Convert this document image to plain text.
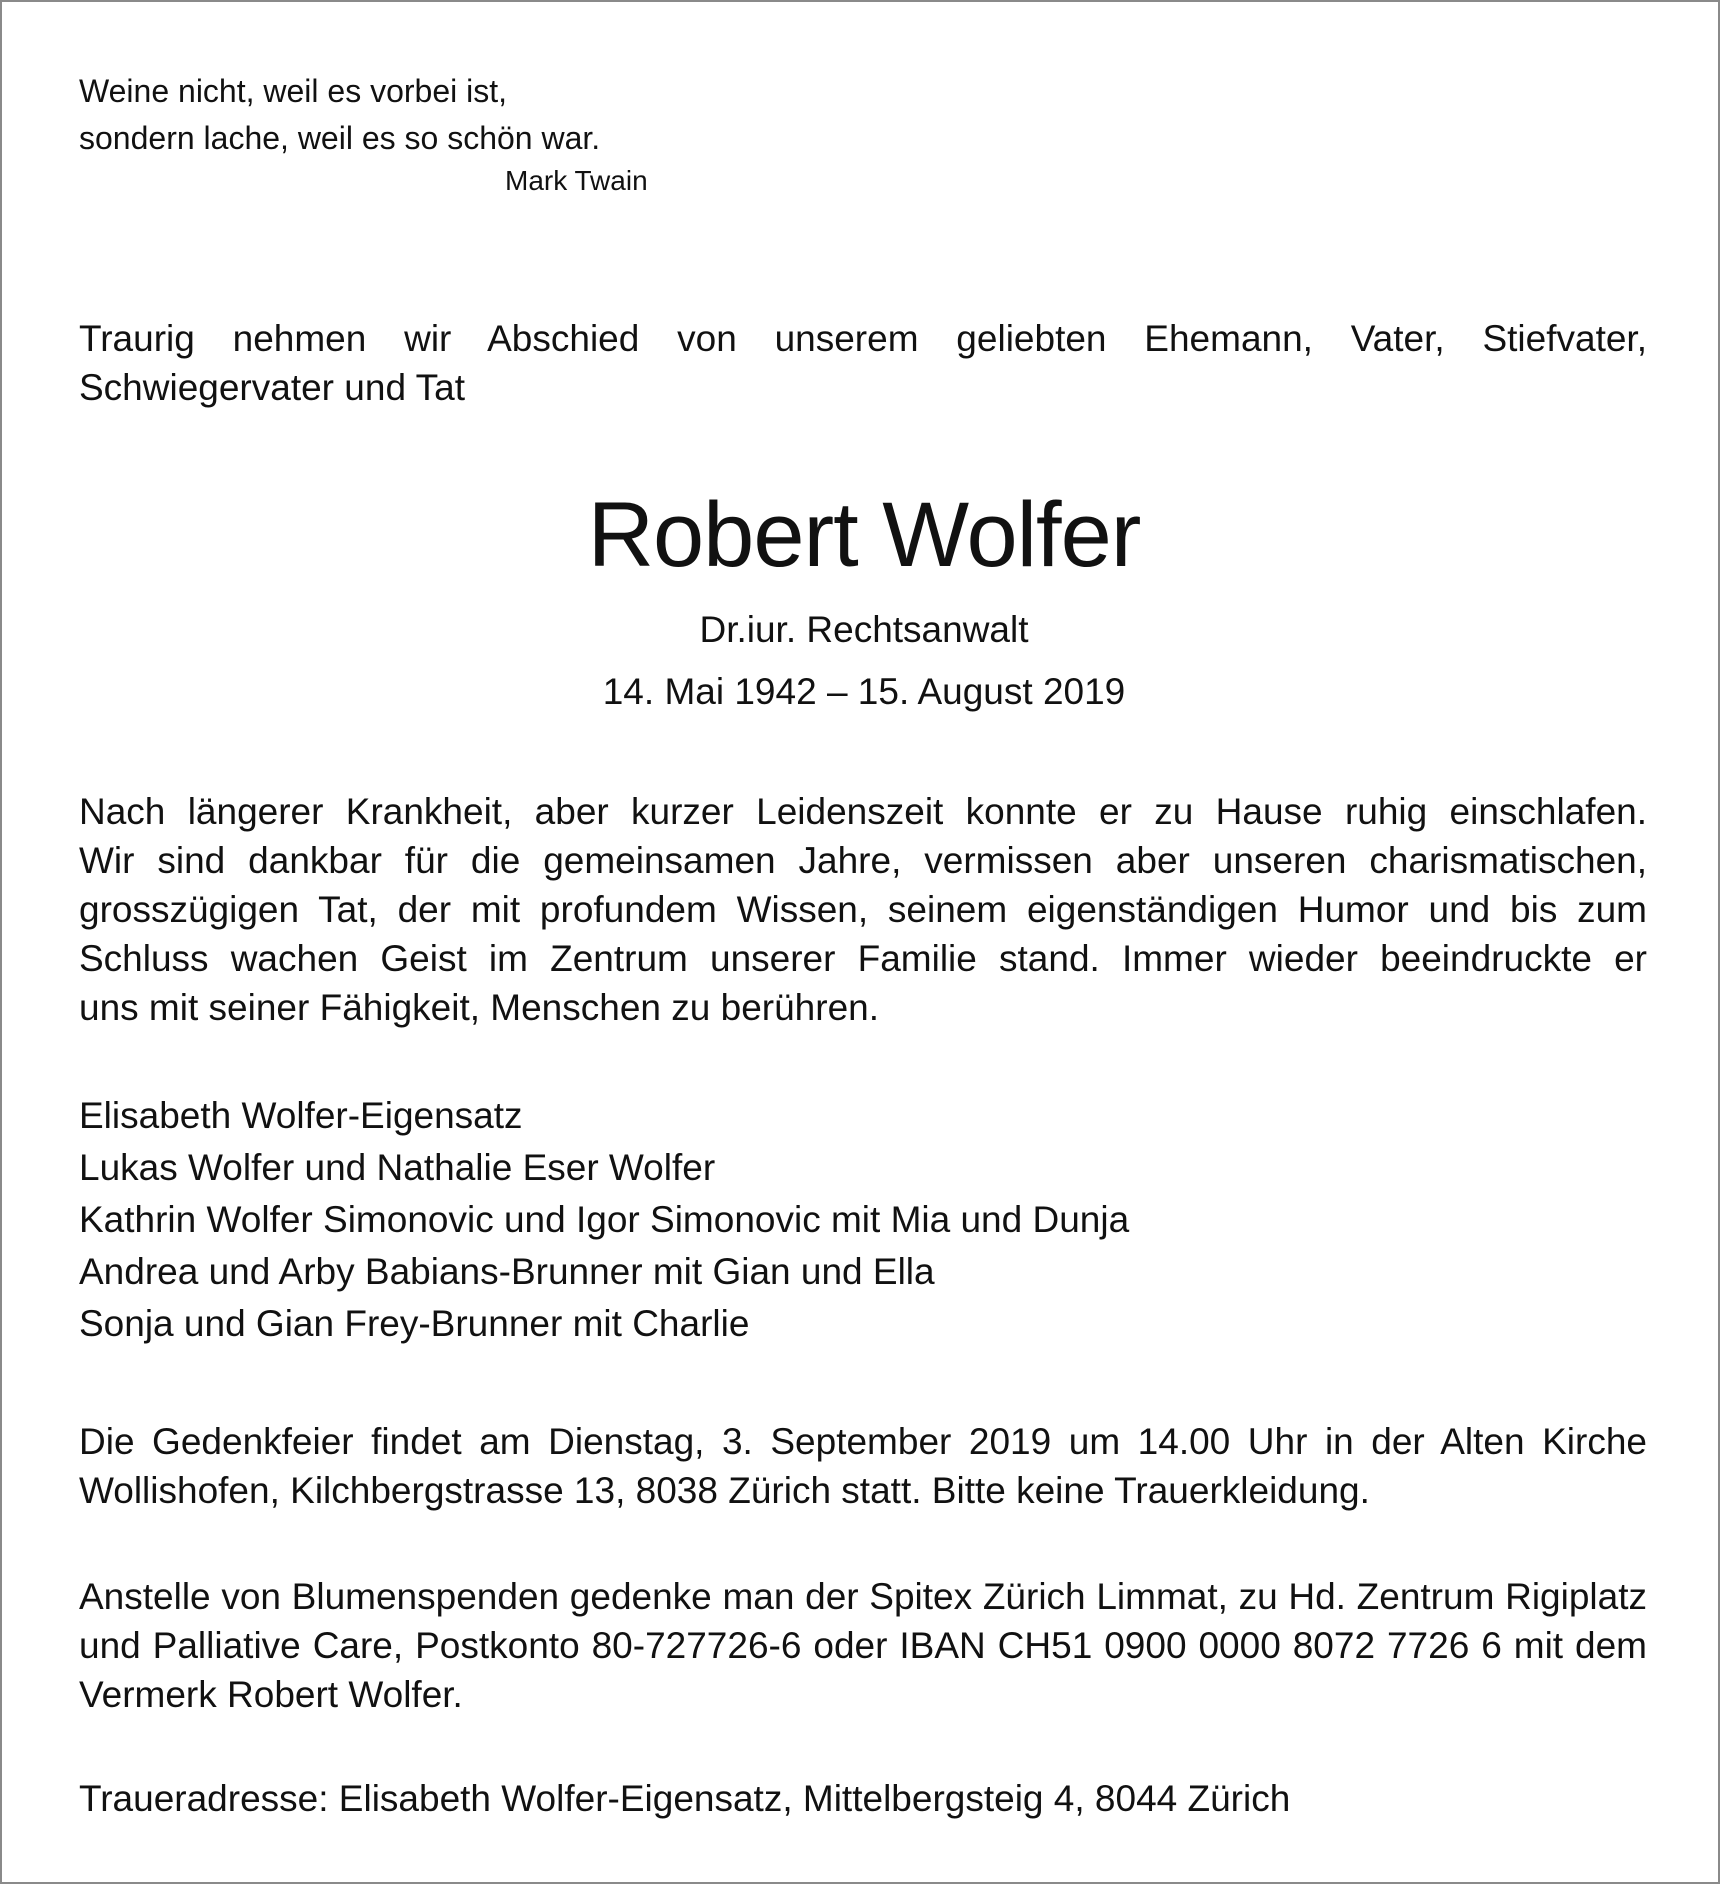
Weine nicht, weil es vorbei ist,
sondern lache, weil es so schön war.
Mark Twain
Traurig nehmen wir Abschied von unserem geliebten Ehemann, Vater, Stiefvater,
Schwiegervater und Tat
Robert Wolfer
Dr.iur. Rechtsanwalt
14. Mai 1942 – 15. August 2019
Nach längerer Krankheit, aber kurzer Leidenszeit konnte er zu Hause ruhig einschlafen.
Wir sind dankbar für die gemeinsamen Jahre, vermissen aber unseren charismatischen,
grosszügigen Tat, der mit profundem Wissen, seinem eigenständigen Humor und bis zum
Schluss wachen Geist im Zentrum unserer Familie stand. Immer wieder beeindruckte er
uns mit seiner Fähigkeit, Menschen zu berühren.
Elisabeth Wolfer-Eigensatz
Lukas Wolfer und Nathalie Eser Wolfer
Kathrin Wolfer Simonovic und Igor Simonovic mit Mia und Dunja
Andrea und Arby Babians-Brunner mit Gian und Ella
Sonja und Gian Frey-Brunner mit Charlie
Die Gedenkfeier findet am Dienstag, 3. September 2019 um 14.00 Uhr in der Alten Kirche
Wollishofen, Kilchbergstrasse 13, 8038 Zürich statt. Bitte keine Trauerkleidung.
Anstelle von Blumenspenden gedenke man der Spitex Zürich Limmat, zu Hd. Zentrum Rigiplatz
und Palliative Care, Postkonto 80-727726-6 oder IBAN CH51 0900 0000 8072 7726 6 mit dem
Vermerk Robert Wolfer.
Traueradresse: Elisabeth Wolfer-Eigensatz, Mittelbergsteig 4, 8044 Zürich
